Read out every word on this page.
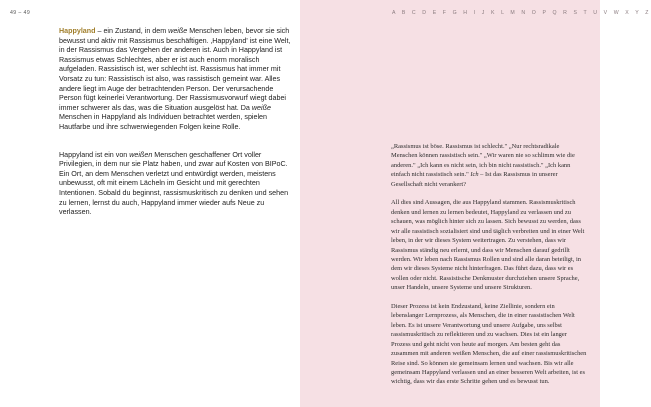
49 – 49

Happyland – ein Zustand, in dem weiße Menschen leben, bevor sie sich bewusst und aktiv mit Rassismus beschäftigen. ‚Happyland' ist eine Welt, in der Rassismus das Vergehen der anderen ist. Auch in Happyland ist Rassismus etwas Schlechtes, aber er ist auch enorm moralisch aufgeladen. Rassistisch ist, wer schlecht ist. Rassismus hat immer mit Vorsatz zu tun: Rassistisch ist also, was rassistisch gemeint war. Alles andere liegt im Auge der betrachtenden Person. Der verursachende Person fügt keinerlei Verantwortung. Der Rassismusvorwurf wiegt dabei immer schwerer als das, was die Situation ausgelöst hat. Da weiße Menschen in Happyland als Individuen betrachtet werden, spielen Hautfarbe und ihre schwerwiegenden Folgen keine Rolle.

Happyland ist ein von weißen Menschen geschaffener Ort voller Privilegien, in dem nur sie Platz haben, und zwar auf Kosten von BIPoC. Ein Ort, an dem Menschen verletzt und entwürdigt werden, meistens unbewusst, oft mit einem Lächeln im Gesicht und mit gerechten Intentionen. Sobald du beginnst, rassismuskritisch zu denken und sehen zu lernen, lernst du auch, Happyland immer wieder aufs Neue zu verlassen.

A B C D E F G H I J K L M N O P Q R S T U V W X Y Z

„Rassismus ist böse. Rassismus ist schlecht." „Nur rechtsradikale Menschen können rassistisch sein." „Wir waren nie so schlimm wie die anderen." „Ich kann es nicht sein, ich bin nicht rassistisch." „Ich kann einfach nicht rassistisch sein." Ich – Ist das Rassismus in unserer Gesellschaft nicht verankert?

All dies sind Aussagen, die aus Happyland stammen. Rassismuskritisch denken und lernen zu lernen bedeutet, Happyland zu verlassen und zu schauen, was möglich hinter sich zu lassen. Sich bewusst zu werden, dass wir alle rassistisch sozialisiert sind und täglich verbreiten und in einer Welt leben, in der wir dieses System weitertragen. Zu verstehen, dass wir Rassismus ständig neu erlernt, und dass wir Menschen darauf gedrillt werden. Wir leben nach Rassismus Rollen und sind alle daran beteiligt, in dem wir dieses Systeme nicht hinterfragen. Das führt dazu, dass wir es wollen oder nicht. Rassistische Denkmuster durchziehen unsere Sprache, unser Handeln, unsere Systeme und unsere Strukturen.

Dieser Prozess ist kein Endzustand, keine Ziellinie, sondern ein lebenslanger Lernprozess, als Menschen, die in einer rassistischen Welt leben. Es ist unsere Verantwortung und unsere Aufgabe, uns selbst rassismuskritisch zu reflektieren und zu wachsen. Dies ist ein langer Prozess und geht nicht von heute auf morgen. Am besten geht das zusammen mit anderen weißen Menschen, die auf einer rassismuskritischen Reise sind. So können sie gemeinsam lernen und wachsen. Bis wir alle gemeinsam Happyland verlassen und an einer besseren Welt arbeiten, ist es wichtig, dass wir das erste Schritte gehen und es bewusst tun.
